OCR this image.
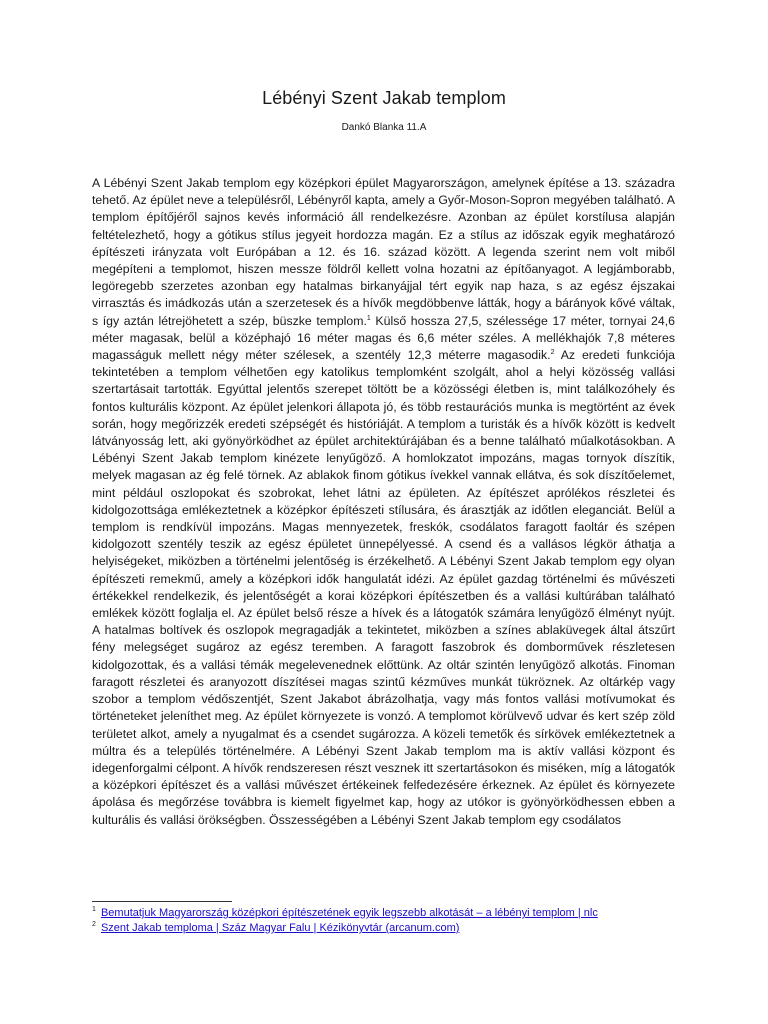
Lébényi Szent Jakab templom
Dankó Blanka 11.A
A Lébényi Szent Jakab templom egy középkori épület Magyarországon, amelynek építése a 13. századra tehető. Az épület neve a településről, Lébényről kapta, amely a Győr-Moson-Sopron megyében található. A templom építőjéről sajnos kevés információ áll rendelkezésre. Azonban az épület korstílusa alapján feltételezhető, hogy a gótikus stílus jegyeit hordozza magán. Ez a stílus az időszak egyik meghatározó építészeti irányzata volt Európában a 12. és 16. század között. A legenda szerint nem volt miből megépíteni a templomot, hiszen messze földről kellett volna hozatni az építőanyagot. A legjámborabb, legöregebb szerzetes azonban egy hatalmas birkanyájjal tért egyik nap haza, s az egész éjszakai virrasztás és imádkozás után a szerzetesek és a hívők megdöbbenve látták, hogy a bárányok kővé váltak, s így aztán létrejöhetett a szép, büszke templom.$^1$ Külső hossza 27,5, szélessége 17 méter, tornyai 24,6 méter magasak, belül a középhajó 16 méter magas és 6,6 méter széles. A mellékhajók 7,8 méteres magasságuk mellett négy méter szélesek, a szentély 12,3 méterre magasodik.$^2$ Az eredeti funkciója tekintetében a templom vélhetően egy katolikus templomként szolgált, ahol a helyi közösség vallási szertartásait tartották. Egyúttal jelentős szerepet töltött be a közösségi életben is, mint találkozóhely és fontos kulturális központ. Az épület jelenkori állapota jó, és több restaurációs munka is megtörtént az évek során, hogy megőrizzék eredeti szépségét és históriáját. A templom a turisták és a hívők között is kedvelt látványosság lett, aki gyönyörködhet az épület architektúrájában és a benne található műalkotásokban. A Lébényi Szent Jakab templom kinézete lenyűgöző. A homlokzatot impozáns, magas tornyok díszítik, melyek magasan az ég felé törnek. Az ablakok finom gótikus ívekkel vannak ellátva, és sok díszítőelemet, mint például oszlopokat és szobrokat, lehet látni az épületen. Az építészet aprólékos részletei és kidolgozottsága emlékeztetnek a középkor építészeti stílusára, és árasztják az időtlen eleganciát. Belül a templom is rendkívül impozáns. Magas mennyezetek, freskók, csodálatos faragott faoltár és szépen kidolgozott szentély teszik az egész épületet ünnepélyessé. A csend és a vallásos légkör áthatja a helyiségeket, miközben a történelmi jelentőség is érzékelhető. A Lébényi Szent Jakab templom egy olyan építészeti remekmű, amely a középkori idők hangulatát idézi. Az épület gazdag történelmi és művészeti értékekkel rendelkezik, és jelentőségét a korai középkori építészetben és a vallási kultúrában található emlékek között foglalja el. Az épület belső része a hívek és a látogatók számára lenyűgöző élményt nyújt. A hatalmas boltívek és oszlopok megragadják a tekintetet, miközben a színes ablaküvegek által átszűrt fény melegséget sugároz az egész teremben. A faragott faszobrok és domborművek részletesen kidolgozottak, és a vallási témák megelevenednek előttünk. Az oltár szintén lenyűgöző alkotás. Finoman faragott részletei és aranyozott díszítései magas szintű kézműves munkát tükröznek. Az oltárkép vagy szobor a templom védőszentjét, Szent Jakabot ábrázolhatja, vagy más fontos vallási motívumokat és történeteket jeleníthet meg. Az épület környezete is vonzó. A templomot körülvevő udvar és kert szép zöld területet alkot, amely a nyugalmat és a csendet sugározza. A közeli temetők és sírkövek emlékeztetnek a múltra és a település történelmére. A Lébényi Szent Jakab templom ma is aktív vallási központ és idegenforgalmi célpont. A hívők rendszeresen részt vesznek itt szertartásokon és miséken, míg a látogatók a középkori építészet és a vallási művészet értékeinek felfedezésére érkeznek. Az épület és környezete ápolása és megőrzése továbbra is kiemelt figyelmet kap, hogy az utókor is gyönyörködhessen ebben a kulturális és vallási örökségben. Összességében a Lébényi Szent Jakab templom egy csodálatos
$^1$ Bemutatjuk Magyarország középkori építészetének egyik legszebb alkotását – a lébényi templom | nlc
$^2$ Szent Jakab temploma | Száz Magyar Falu | Kézikönyvtár (arcanum.com)
